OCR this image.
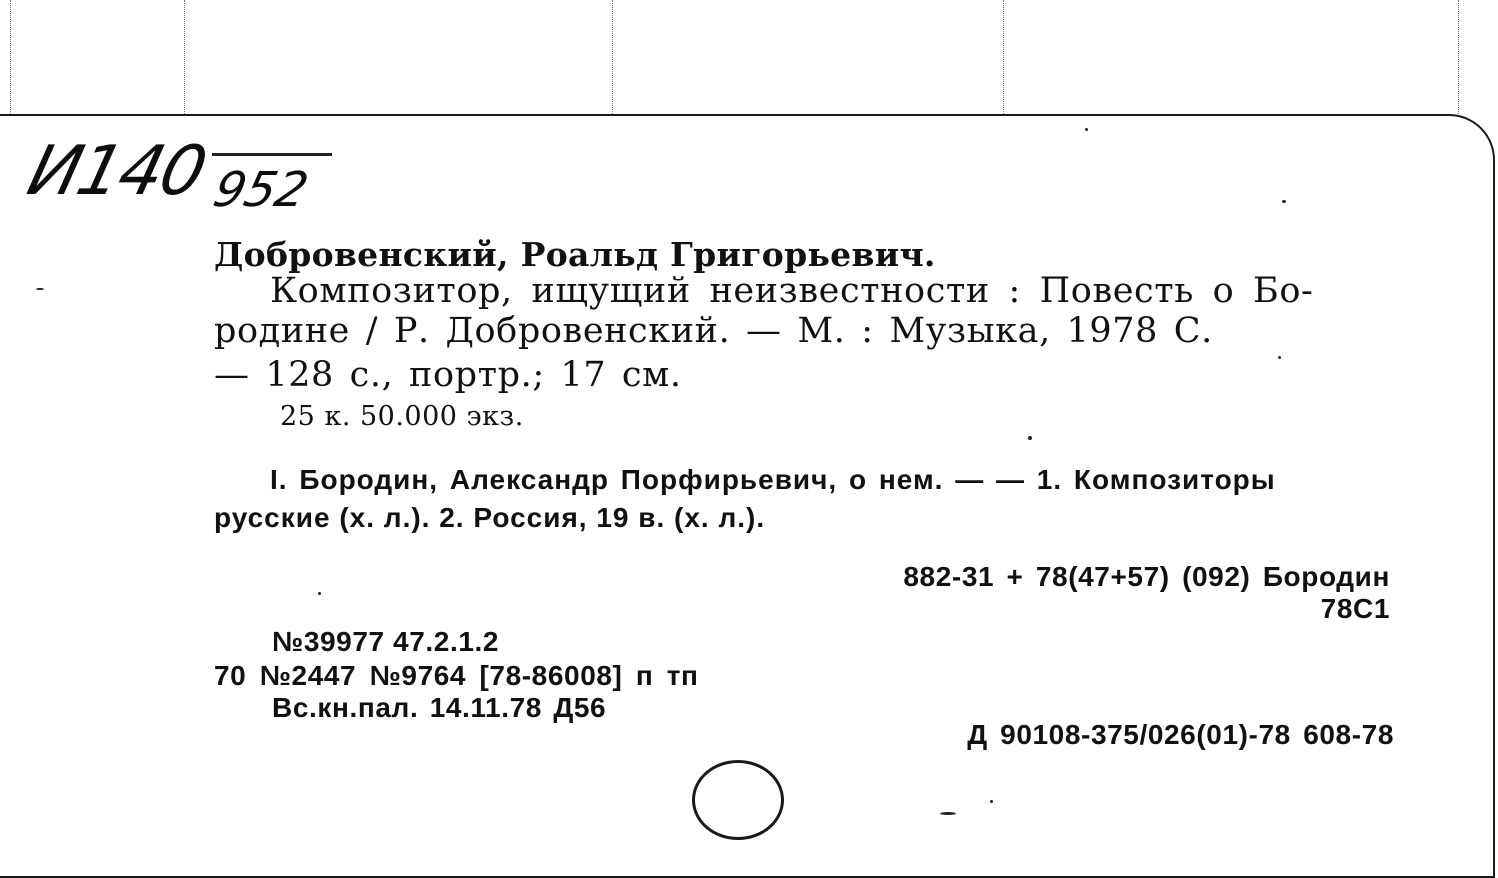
И140
952
Добровенский, Роальд Григорьевич.
Композитор, ищущий неизвестности : Повесть о Бо-
родине / Р. Добровенский. — М. : Музыка, 1978 С.
— 128 с., портр.; 17 см.
25 к. 50.000 экз.
I. Бородин, Александр Порфирьевич, о нем. — — 1. Композиторы
русские (х. л.). 2. Россия, 19 в. (х. л.).
882-31 + 78(47+57) (092) Бородин
78С1
№39977 47.2.1.2
70 №2447 №9764 [78-86008] п тп
Вс.кн.пал. 14.11.78 Д56
Д 90108-375/026(01)-78 608-78
